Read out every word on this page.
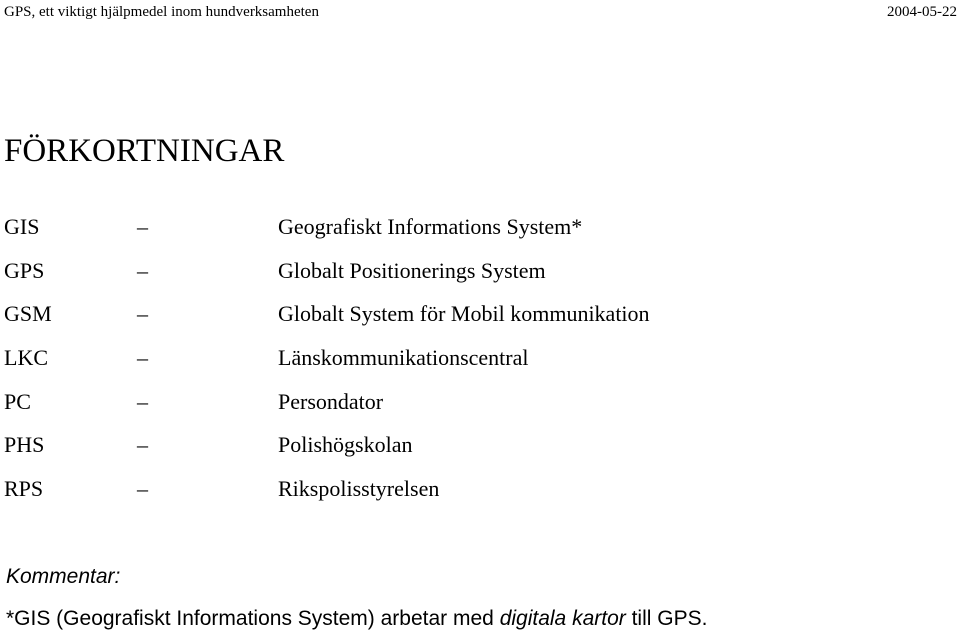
GPS, ett viktigt hjälpmedel inom hundverksamheten	2004-05-22
FÖRKORTNINGAR
GIS	–	Geografiskt Informations System*
GPS	–	Globalt Positionerings System
GSM	–	Globalt System för Mobil kommunikation
LKC	–	Länskommunikationscentral
PC	–	Persondator
PHS	–	Polishögskolan
RPS	–	Rikspolisstyrelsen
Kommentar:
*GIS (Geografiskt Informations System) arbetar med digitala kartor till GPS.
